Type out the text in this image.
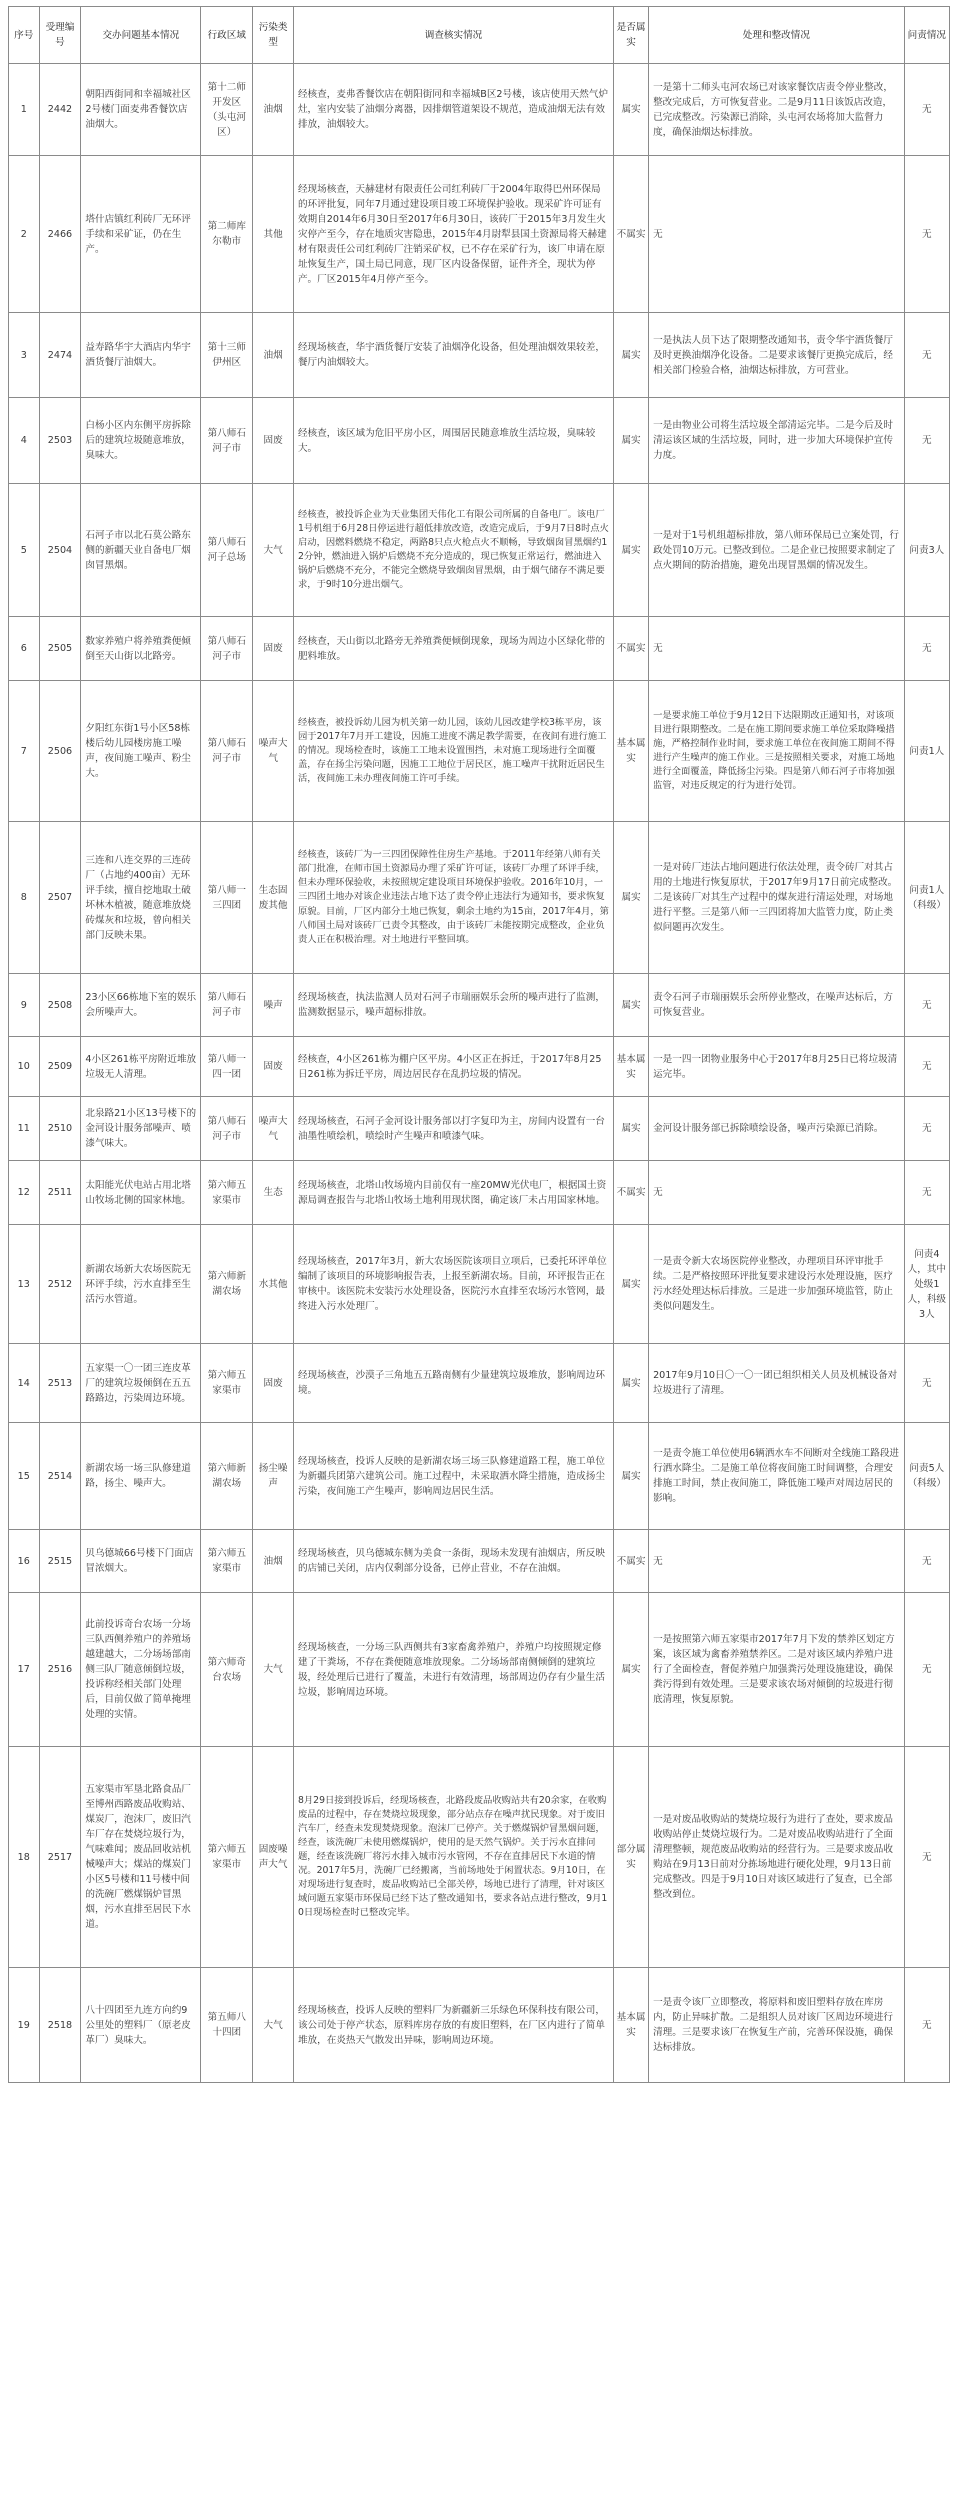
序号	受理编号	交办问题基本情况	行政区域	污染类型	调查核实情况	是否属实	处理和整改情况	问责情况
1	2442	朝阳西街同和幸福城社区2号楼门面麦弗香餐饮店油烟大。	第十二师开发区（头屯河区）	油烟	经核查，麦弗香餐饮店在朝阳街同和幸福城B区2号楼，该店使用天然气炉灶，室内安装了油烟分离器，因排烟管道架设不规范，造成油烟无法有效排放，油烟较大。	属实	一是第十二师头屯河农场已对该家餐饮店责令停业整改，整改完成后，方可恢复营业。二是9月11日该饭店改造，已完成整改。污染源已消除，头屯河农场将加大监督力度，确保油烟达标排放。	无
2	2466	塔什店镇红利砖厂无环评手续和采矿证，仍在生产。	第二师库尔勒市	其他	经现场核查，天赫建材有限责任公司红利砖厂于2004年取得巴州环保局的环评批复，同年7月通过建设项目竣工环境保护验收。现采矿许可证有效期自2014年6月30日至2017年6月30日，该砖厂于2015年3月发生火灾停产至今，存在地质灾害隐患，2015年4月尉犁县国土资源局将天赫建材有限责任公司红利砖厂注销采矿权，已不存在采矿行为，该厂申请在原址恢复生产，国土局已同意，现厂区内设备保留，证件齐全，现状为停产。厂区2015年4月停产至今。	不属实	无	无
3	2474	益寿路华宇大酒店内华宇酒货餐厅油烟大。	第十三师伊州区	油烟	经现场核查，华宇酒货餐厅安装了油烟净化设备，但处理油烟效果较差，餐厅内油烟较大。	属实	一是执法人员下达了限期整改通知书，责令华宇酒货餐厅及时更换油烟净化设备。二是要求该餐厅更换完成后，经相关部门检验合格，油烟达标排放，方可营业。	无
4	2503	白杨小区内东侧平房拆除后的建筑垃圾随意堆放，臭味大。	第八师石河子市	固废	经核查，该区域为危旧平房小区，周围居民随意堆放生活垃圾，臭味较大。	属实	一是由物业公司将生活垃圾全部清运完毕。二是今后及时清运该区域的生活垃圾，同时，进一步加大环境保护宣传力度。	无
5	2504	石河子市以北石莫公路东侧的新疆天业自备电厂烟囱冒黑烟。	第八师石河子总场	大气	经核查，被投诉企业为天业集团天伟化工有限公司所属的自备电厂。该电厂1号机组于6月28日停运进行超低排放改造，改造完成后，于9月7日8时点火启动，因燃料燃烧不稳定，两路8只点火枪点火不顺畅，导致烟囱冒黑烟约12分钟，燃油进入锅炉后燃烧不充分造成的，现已恢复正常运行，燃油进入锅炉后燃烧不充分，不能完全燃烧导致烟囱冒黑烟，由于烟气储存不满足要求，于9时10分进出烟气。	属实	一是对于1号机组超标排放，第八师环保局已立案处罚，行政处罚10万元。已整改到位。二是企业已按照要求制定了点火期间的防治措施，避免出现冒黑烟的情况发生。	问责3人
6	2505	数家养殖户将养殖粪便倾倒至天山街以北路旁。	第八师石河子市	固废	经核查，天山街以北路旁无养殖粪便倾倒现象，现场为周边小区绿化带的肥料堆放。	不属实	无	无
7	2506	夕阳红东街1号小区58栋楼后幼儿园楼房施工噪声，夜间施工噪声、粉尘大。	第八师石河子市	噪声大气	经核查，被投诉幼儿园为机关第一幼儿园，该幼儿园改建学校3栋平房，该园于2017年7月开工建设，因施工进度不满足教学需要，在夜间有进行施工的情况。现场检查时，该施工工地未设置围挡，未对施工现场进行全面覆盖，存在扬尘污染问题，因施工工地位于居民区，施工噪声干扰附近居民生活，夜间施工未办理夜间施工许可手续。	基本属实	一是要求施工单位于9月12日下达限期改正通知书，对该项目进行限期整改。二是在施工期间要求施工单位采取降噪措施，严格控制作业时间，要求施工单位在夜间施工期间不得进行产生噪声的施工作业。三是按照相关要求，对施工场地进行全面覆盖，降低扬尘污染。四是第八师石河子市将加强监管，对违反规定的行为进行处罚。	问责1人
8	2507	三连和八连交界的三连砖厂（占地约400亩）无环评手续，擅自挖地取土破坏林木植被，随意堆放烧砖煤灰和垃圾，曾向相关部门反映未果。	第八师一三四团	生态固废其他	经核查，该砖厂为一三四团保障性住房生产基地。于2011年经第八师有关部门批准，在师市国土资源局办理了采矿许可证，该砖厂办理了环评手续，但未办理环保验收，未按照规定建设项目环境保护验收。2016年10月，一三四团土地办对该企业违法占地下达了责令停止违法行为通知书，要求恢复原貌。目前，厂区内部分土地已恢复，剩余土地约为15亩，2017年4月，第八师国土局对该砖厂已责令其整改，由于该砖厂未能按期完成整改，企业负责人正在积极治理。对土地进行平整回填。	属实	一是对砖厂违法占地问题进行依法处理，责令砖厂对其占用的土地进行恢复原状，于2017年9月17日前完成整改。二是该砖厂对其生产过程中的煤灰进行清运处理，对场地进行平整。三是第八师一三四团将加大监管力度，防止类似问题再次发生。	问责1人（科级）
9	2508	23小区66栋地下室的娱乐会所噪声大。	第八师石河子市	噪声	经现场核查，执法监测人员对石河子市瑞丽娱乐会所的噪声进行了监测，监测数据显示，噪声超标排放。	属实	责令石河子市瑞丽娱乐会所停业整改，在噪声达标后，方可恢复营业。	无
10	2509	4小区261栋平房附近堆放垃圾无人清理。	第八师一四一团	固废	经核查，4小区261栋为棚户区平房。4小区正在拆迁，于2017年8月25日261栋为拆迁平房，周边居民存在乱扔垃圾的情况。	基本属实	一是一四一团物业服务中心于2017年8月25日已将垃圾清运完毕。	无
11	2510	北泉路21小区13号楼下的金河设计服务部噪声、喷漆气味大。	第八师石河子市	噪声大气	经现场核查，石河子金河设计服务部以打字复印为主，房间内设置有一台油墨性喷绘机，喷绘时产生噪声和喷漆气味。	属实	金河设计服务部已拆除喷绘设备，噪声污染源已消除。	无
12	2511	太阳能光伏电站占用北塔山牧场北侧的国家林地。	第六师五家渠市	生态	经现场核查，北塔山牧场境内目前仅有一座20MW光伏电厂，根据国土资源局调查报告与北塔山牧场土地利用现状图，确定该厂未占用国家林地。	不属实	无	无
13	2512	新湖农场新大农场医院无环评手续，污水直排至生活污水管道。	第六师新湖农场	水其他	经现场核查，2017年3月，新大农场医院该项目立项后，已委托环评单位编制了该项目的环境影响报告表，上报至新湖农场。目前，环评报告正在审核中。该医院未安装污水处理设备，医院污水直排至农场污水管网，最终进入污水处理厂。	属实	一是责令新大农场医院停业整改，办理项目环评审批手续。二是严格按照环评批复要求建设污水处理设施，医疗污水经处理达标后排放。三是进一步加强环境监管，防止类似问题发生。	问责4人，其中处级1人，科级3人
14	2513	五家渠一〇一团三连皮革厂的建筑垃圾倾倒在五五路路边，污染周边环境。	第六师五家渠市	固废	经现场核查，沙漠子三角地五五路南侧有少量建筑垃圾堆放，影响周边环境。	属实	2017年9月10日〇一〇一团已组织相关人员及机械设备对垃圾进行了清理。	无
15	2514	新湖农场一场三队修建道路，扬尘、噪声大。	第六师新湖农场	扬尘噪声	经现场核查，投诉人反映的是新湖农场三场三队修建道路工程，施工单位为新疆兵团第六建筑公司。施工过程中，未采取洒水降尘措施，造成扬尘污染，夜间施工产生噪声，影响周边居民生活。	属实	一是责令施工单位使用6辆洒水车不间断对全线施工路段进行洒水降尘。二是施工单位将夜间施工时间调整，合理安排施工时间，禁止夜间施工，降低施工噪声对周边居民的影响。	问责5人（科级）
16	2515	贝乌德城66号楼下门面店冒浓烟大。	第六师五家渠市	油烟	经现场核查，贝乌德城东侧为美食一条街，现场未发现有油烟店，所反映的店铺已关闭，店内仅剩部分设备，已停止营业，不存在油烟。	不属实	无	无
17	2516	此前投诉奇台农场一分场三队西侧养殖户的养殖场越建越大，二分场场部南侧三队厂随意倾倒垃圾，投诉称经相关部门处理后，目前仅做了简单掩埋处理的实情。	第六师奇台农场	大气	经现场核查，一分场三队西侧共有3家畜禽养殖户，养殖户均按照规定修建了干粪场，不存在粪便随意堆放现象。二分场场部南侧倾倒的建筑垃圾，经处理后已进行了覆盖，未进行有效清理，场部周边仍存有少量生活垃圾，影响周边环境。	属实	一是按照第六师五家渠市2017年7月下发的禁养区划定方案，该区域为禽畜养殖禁养区。二是对该区域内养殖户进行了全面检查，督促养殖户加强粪污处理设施建设，确保粪污得到有效处理。三是要求该农场对倾倒的垃圾进行彻底清理，恢复原貌。	无
18	2517	五家渠市军垦北路食品厂至博州西路废品收购站、煤炭厂，泡沫厂，废旧汽车厂存在焚烧垃圾行为，气味难闻；废品回收站机械噪声大；煤站的煤炭门小区5号楼和11号楼中间的洗碗厂燃煤锅炉冒黑烟，污水直排至居民下水道。	第六师五家渠市	固废噪声大气	8月29日接到投诉后，经现场核查，北路段废品收购站共有20余家，在收购废品的过程中，存在焚烧垃圾现象，部分站点存在噪声扰民现象。对于废旧汽车厂，经查未发现焚烧现象。泡沫厂已停产。关于燃煤锅炉冒黑烟问题，经查，该洗碗厂未使用燃煤锅炉，使用的是天然气锅炉。关于污水直排问题，经查该洗碗厂将污水排入城市污水管网，不存在直排居民下水道的情况。2017年5月，洗碗厂已经搬离，当前场地处于闲置状态。9月10日，在对现场进行复查时，废品收购站已全部关停，场地已进行了清理，针对该区域问题五家渠市环保局已经下达了整改通知书，要求各站点进行整改，9月10日现场检查时已整改完毕。	部分属实	一是对废品收购站的焚烧垃圾行为进行了查处，要求废品收购站停止焚烧垃圾行为。二是对废品收购站进行了全面清理整顿，规范废品收购站的经营行为。三是要求废品收购站在9月13日前对分拣场地进行硬化处理，9月13日前完成整改。四是于9月10日对该区域进行了复查，已全部整改到位。	无
19	2518	八十四团至九连方向约9公里处的塑料厂（原老皮革厂）臭味大。	第五师八十四团	大气	经现场核查，投诉人反映的塑料厂为新疆新三乐绿色环保科技有限公司，该公司处于停产状态，原料库房存放的有废旧塑料，在厂区内进行了简单堆放，在炎热天气散发出异味，影响周边环境。	基本属实	一是责令该厂立即整改，将原料和废旧塑料存放在库房内，防止异味扩散。二是组织人员对该厂区周边环境进行清理。三是要求该厂在恢复生产前，完善环保设施，确保达标排放。	无
